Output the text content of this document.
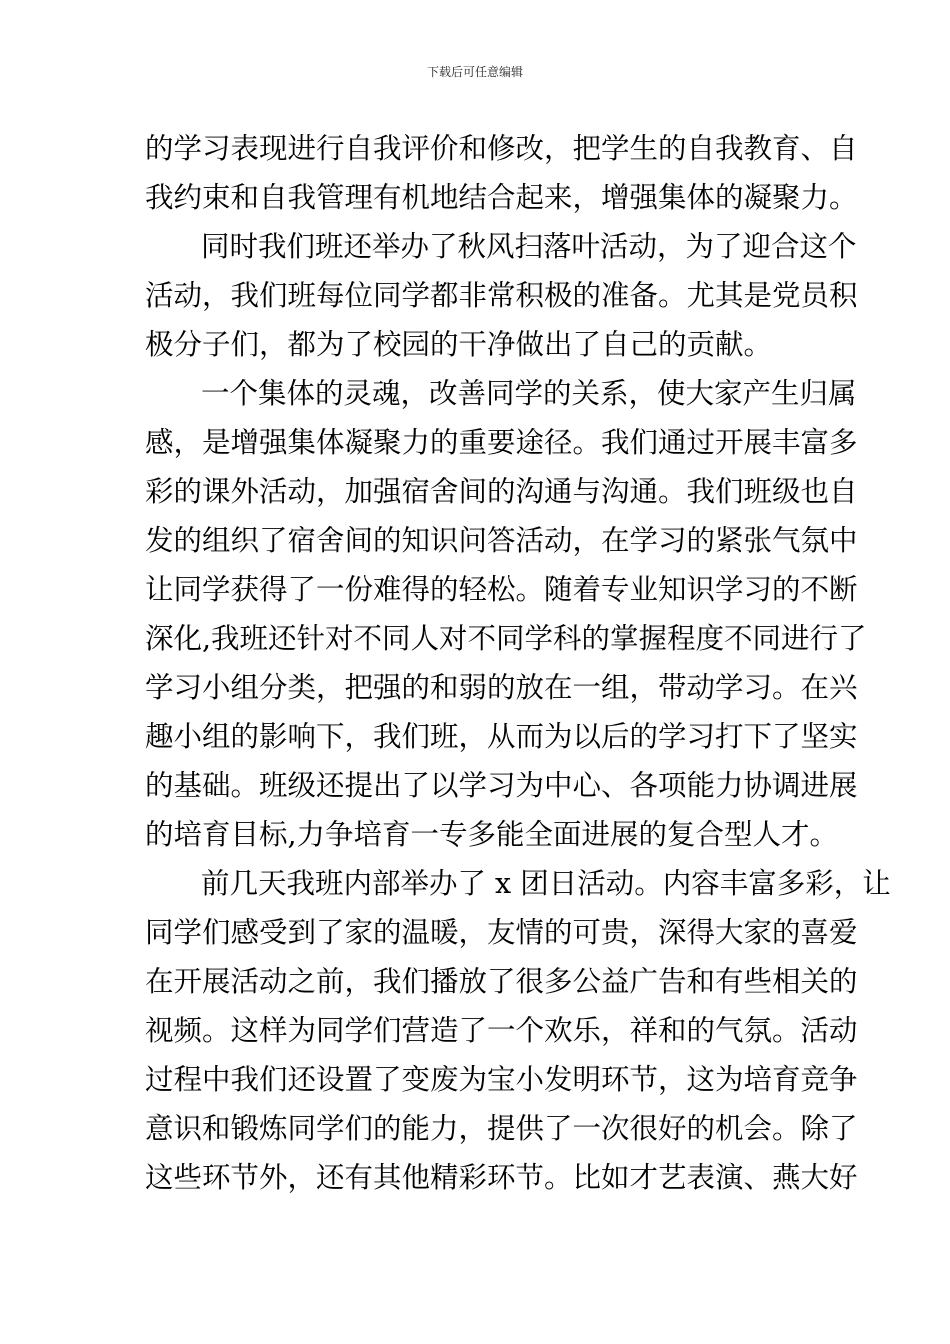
下载后可任意编辑
的学习表现进行自我评价和修改，把学生的自我教育、自
我约束和自我管理有机地结合起来，增强集体的凝聚力。
同时我们班还举办了秋风扫落叶活动，为了迎合这个
活动，我们班每位同学都非常积极的准备。尤其是党员积
极分子们，都为了校园的干净做出了自己的贡献。
一个集体的灵魂，改善同学的关系，使大家产生归属
感，是增强集体凝聚力的重要途径。我们通过开展丰富多
彩的课外活动，加强宿舍间的沟通与沟通。我们班级也自
发的组织了宿舍间的知识问答活动，在学习的紧张气氛中
让同学获得了一份难得的轻松。随着专业知识学习的不断
深化,我班还针对不同人对不同学科的掌握程度不同进行了
学习小组分类，把强的和弱的放在一组，带动学习。在兴
趣小组的影响下，我们班，从而为以后的学习打下了坚实
的基础。班级还提出了以学习为中心、各项能力协调进展
的培育目标,力争培育一专多能全面进展的复合型人才。
前几天我班内部举办了 x 团日活动。内容丰富多彩，让
同学们感受到了家的温暖，友情的可贵，深得大家的喜爱
在开展活动之前，我们播放了很多公益广告和有些相关的
视频。这样为同学们营造了一个欢乐，祥和的气氛。活动
过程中我们还设置了变废为宝小发明环节，这为培育竞争
意识和锻炼同学们的能力，提供了一次很好的机会。除了
这些环节外，还有其他精彩环节。比如才艺表演、燕大好
